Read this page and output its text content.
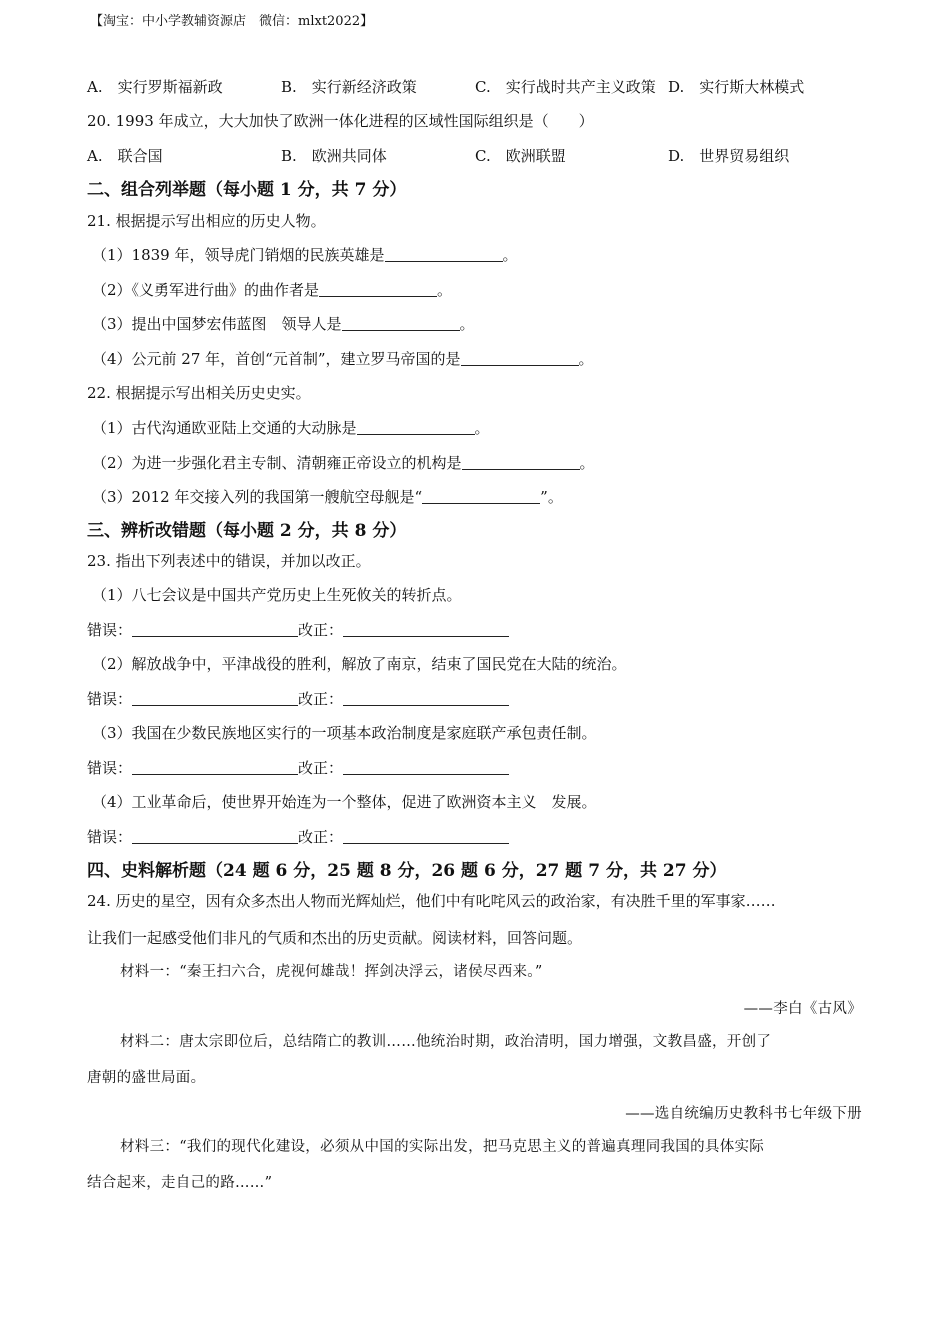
【淘宝：中小学教辅资源店　微信：mlxt2022】
A.　实行罗斯福新政	B.　实行新经济政策	C.　实行战时共产主义政策 D.　实行斯大林模式
20. 1993 年成立，大大加快了欧洲一体化进程的区域性国际组织是（　　）
A.　联合国	B.　欧洲共同体	C.　欧洲联盟	D.　世界贸易组织
二、组合列举题（每小题 1 分，共 7 分）
21. 根据提示写出相应的历史人物。
（1）1839 年，领导虎门销烟的民族英雄是	。
（2）《义勇军进行曲》的曲作者是	。
（3）提出中国梦宏伟蓝图　领导人是	。
（4）公元前 27 年，首创“元首制”，建立罗马帝国的是	。
22. 根据提示写出相关历史史实。
（1）古代沟通欧亚陆上交通的大动脉是	。
（2）为进一步强化君主专制、清朝雍正帝设立的机构是	。
（3）2012 年交接入列的我国第一艘航空母舰是“	”。
三、辨析改错题（每小题 2 分，共 8 分）
23. 指出下列表述中的错误，并加以改正。
（1）八七会议是中国共产党历史上生死攸关的转折点。
错误：	改正：
（2）解放战争中，平津战役的胜利，解放了南京，结束了国民党在大陆的统治。
错误：	改正：
（3）我国在少数民族地区实行的一项基本政治制度是家庭联产承包责任制。
错误：	改正：
（4）工业革命后，使世界开始连为一个整体，促进了欧洲资本主义　发展。
错误：	改正：
四、史料解析题（24 题 6 分，25 题 8 分，26 题 6 分，27 题 7 分，共 27 分）
24. 历史的星空，因有众多杰出人物而光辉灿烂，他们中有叱咤风云的政治家，有决胜千里的军事家……
让我们一起感受他们非凡的气质和杰出的历史贡献。阅读材料，回答问题。
材料一：“秦王扫六合，虎视何雄哉！挥剑决浮云，诸侯尽西来。”
——李白《古风》
材料二：唐太宗即位后，总结隋亡的教训……他统治时期，政治清明，国力增强，文教昌盛，开创了
唐朝的盛世局面。
——选自统编历史教科书七年级下册
材料三：“我们的现代化建设，必须从中国的实际出发，把马克思主义的普遍真理同我国的具体实际
结合起来，走自己的路……”
